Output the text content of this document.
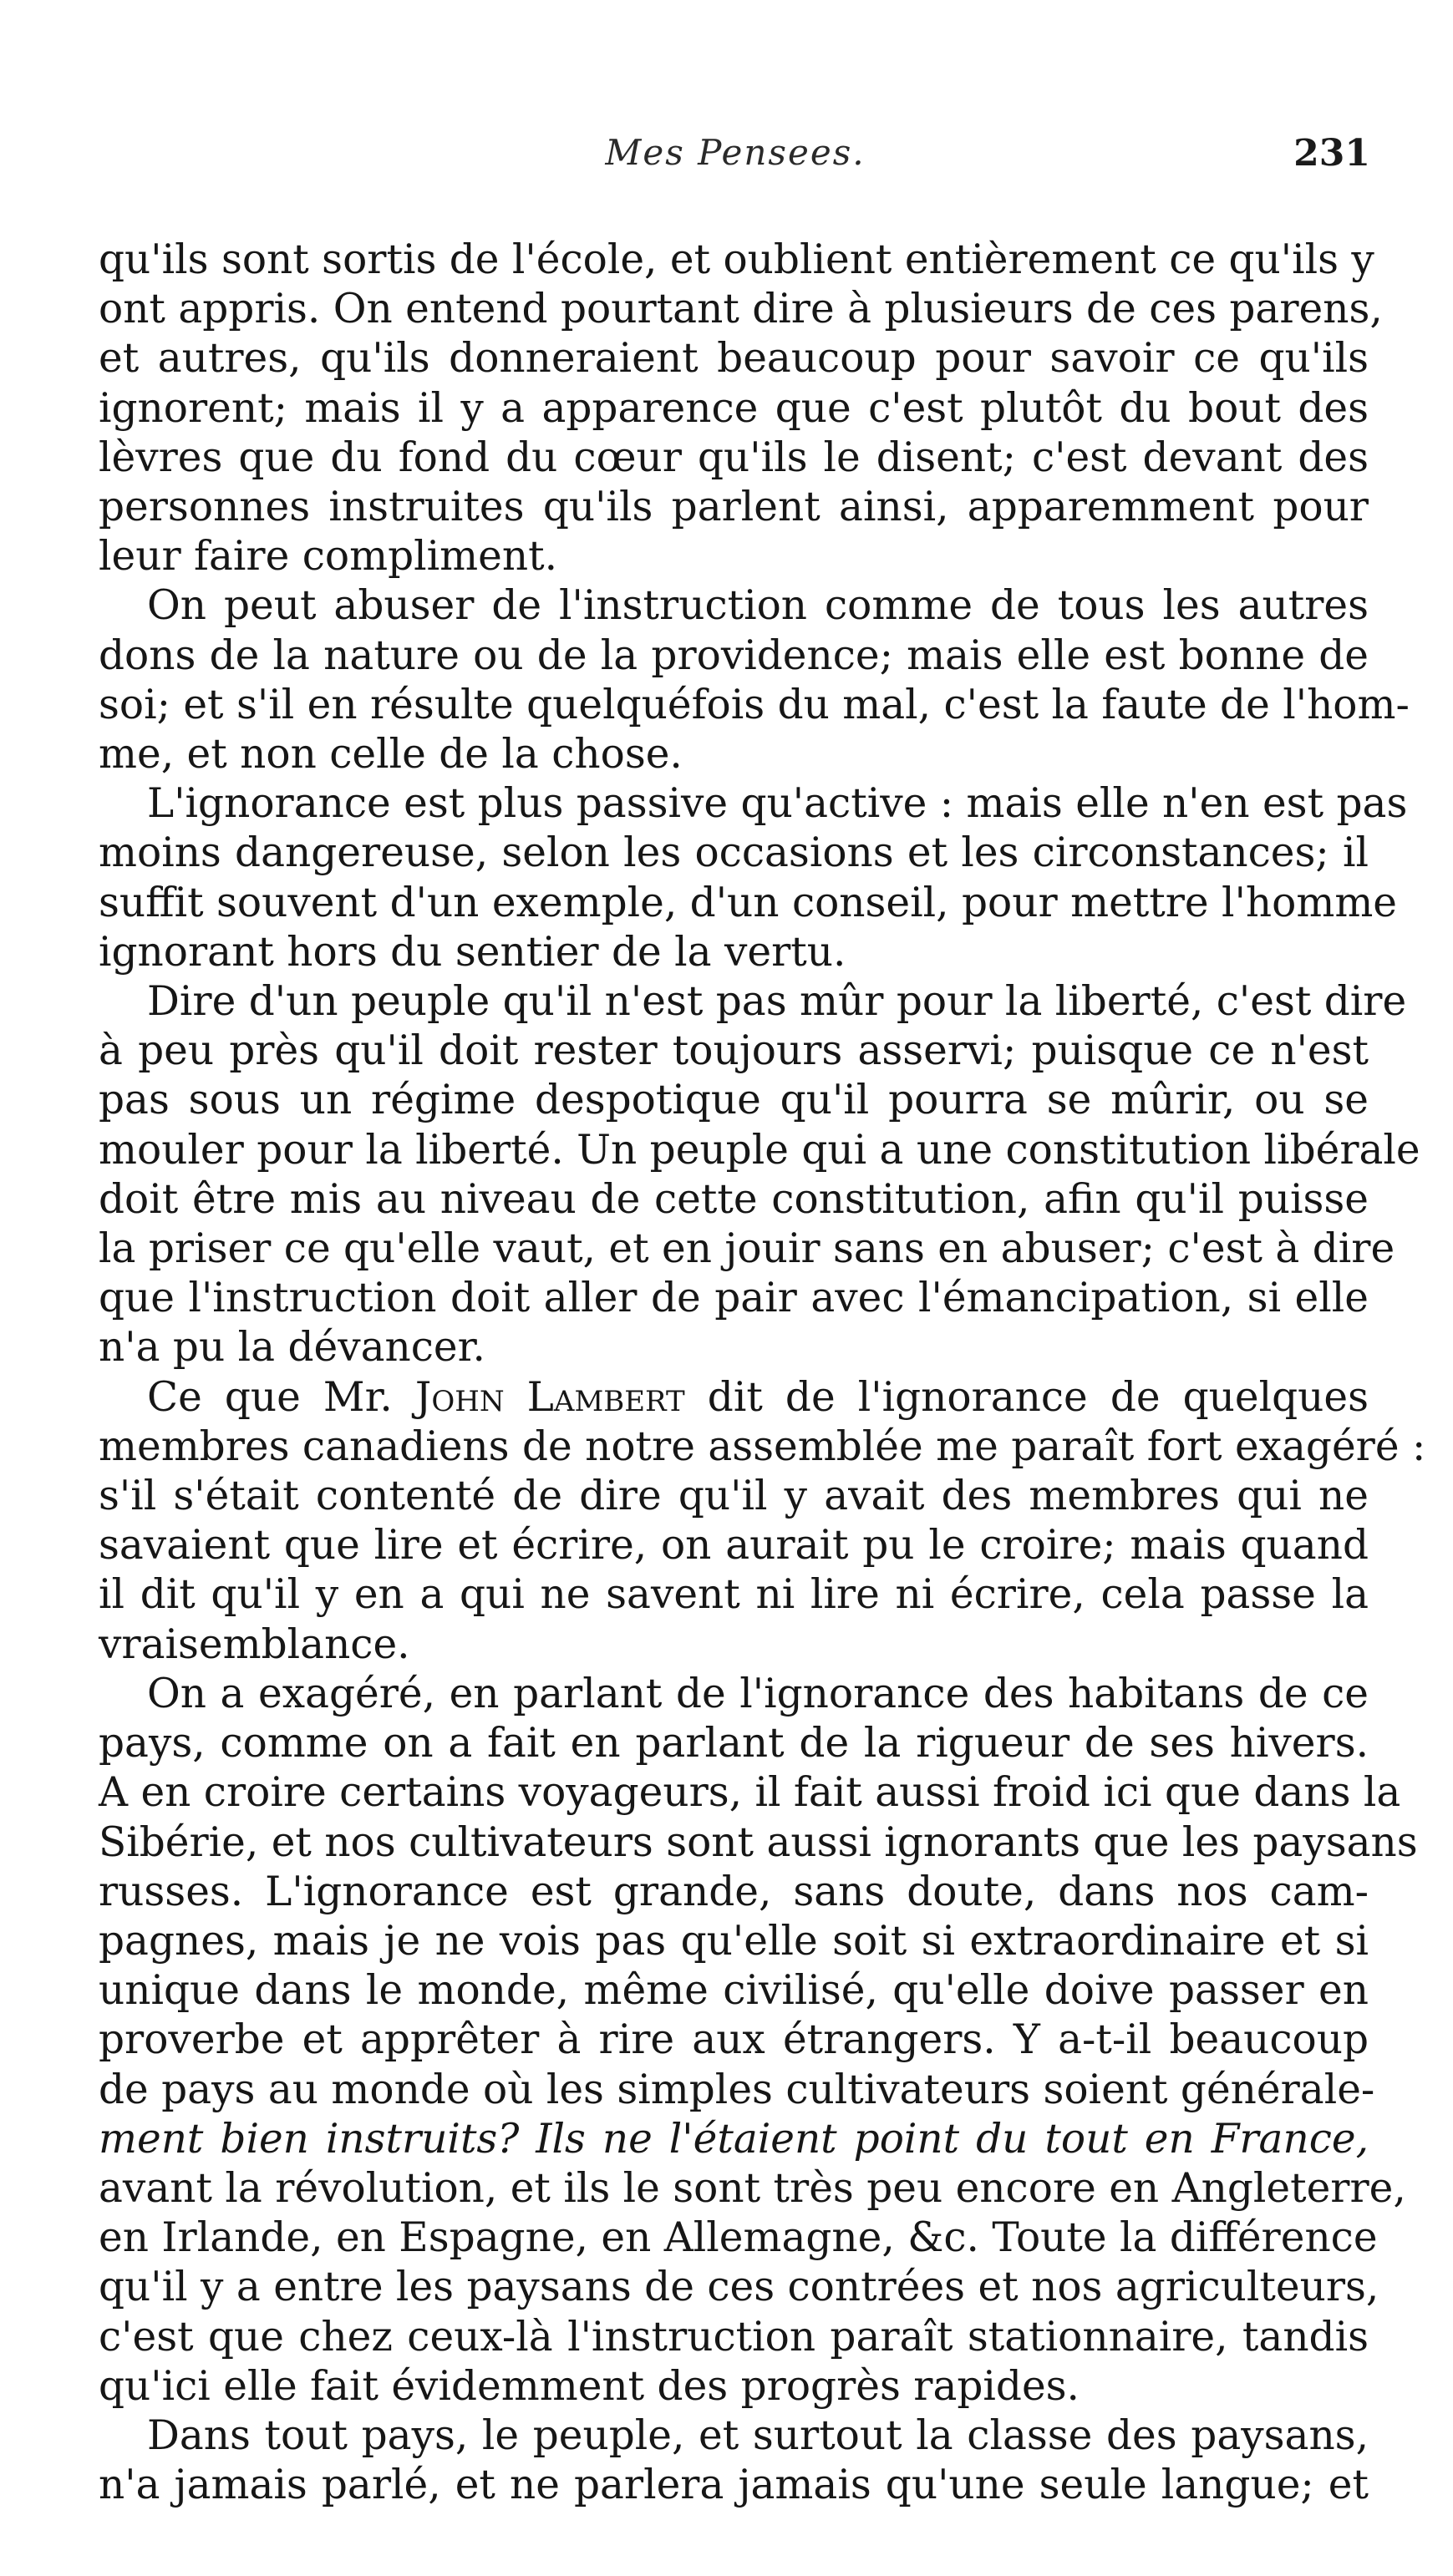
Mes Pensees.	231
qu'ils sont sortis de l'école, et oublient entièrement ce qu'ils y
ont appris. On entend pourtant dire à plusieurs de ces parens,
et autres, qu'ils donneraient beaucoup pour savoir ce qu'ils
ignorent; mais il y a apparence que c'est plutôt du bout des
lèvres que du fond du cœur qu'ils le disent; c'est devant des
personnes instruites qu'ils parlent ainsi, apparemment pour
leur faire compliment.
On peut abuser de l'instruction comme de tous les autres
dons de la nature ou de la providence; mais elle est bonne de
soi; et s'il en résulte quelquéfois du mal, c'est la faute de l'hom-
me, et non celle de la chose.
L'ignorance est plus passive qu'active : mais elle n'en est pas
moins dangereuse, selon les occasions et les circonstances; il
suffit souvent d'un exemple, d'un conseil, pour mettre l'homme
ignorant hors du sentier de la vertu.
Dire d'un peuple qu'il n'est pas mûr pour la liberté, c'est dire
à peu près qu'il doit rester toujours asservi; puisque ce n'est
pas sous un régime despotique qu'il pourra se mûrir, ou se
mouler pour la liberté. Un peuple qui a une constitution libérale
doit être mis au niveau de cette constitution, afin qu'il puisse
la priser ce qu'elle vaut, et en jouir sans en abuser; c'est à dire
que l'instruction doit aller de pair avec l'émancipation, si elle
n'a pu la dévancer.
Ce que Mr. John Lambert dit de l'ignorance de quelques
membres canadiens de notre assemblée me paraît fort exagéré :
s'il s'était contenté de dire qu'il y avait des membres qui ne
savaient que lire et écrire, on aurait pu le croire; mais quand
il dit qu'il y en a qui ne savent ni lire ni écrire, cela passe la
vraisemblance.
On a exagéré, en parlant de l'ignorance des habitans de ce
pays, comme on a fait en parlant de la rigueur de ses hivers.
A en croire certains voyageurs, il fait aussi froid ici que dans la
Sibérie, et nos cultivateurs sont aussi ignorants que les paysans
russes. L'ignorance est grande, sans doute, dans nos cam-
pagnes, mais je ne vois pas qu'elle soit si extraordinaire et si
unique dans le monde, même civilisé, qu'elle doive passer en
proverbe et apprêter à rire aux étrangers. Y a-t-il beaucoup
de pays au monde où les simples cultivateurs soient générale-
ment bien instruits? Ils ne l'étaient point du tout en France,
avant la révolution, et ils le sont très peu encore en Angleterre,
en Irlande, en Espagne, en Allemagne, &c. Toute la différence
qu'il y a entre les paysans de ces contrées et nos agriculteurs,
c'est que chez ceux-là l'instruction paraît stationnaire, tandis
qu'ici elle fait évidemment des progrès rapides.
Dans tout pays, le peuple, et surtout la classe des paysans,
n'a jamais parlé, et ne parlera jamais qu'une seule langue; et
